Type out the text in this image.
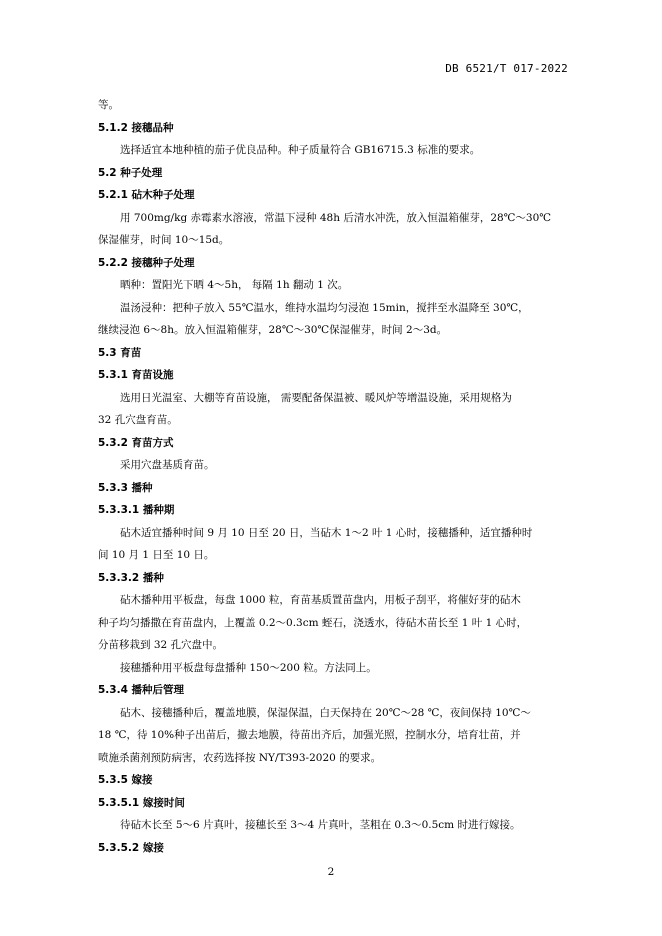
DB 6521/T 017-2022
等。
5.1.2 接穗品种
选择适宜本地种植的茄子优良品种。种子质量符合 GB16715.3 标准的要求。
5.2 种子处理
5.2.1 砧木种子处理
用 700mg/kg 赤霉素水溶液，常温下浸种 48h 后清水冲洗，放入恒温箱催芽，28℃～30℃
保湿催芽，时间 10～15d。
5.2.2 接穗种子处理
晒种：置阳光下晒 4～5h， 每隔 1h 翻动 1 次。
温汤浸种：把种子放入 55℃温水，维持水温均匀浸泡 15min，搅拌至水温降至 30℃，
继续浸泡 6～8h。放入恒温箱催芽，28℃～30℃保湿催芽，时间 2～3d。
5.3 育苗
5.3.1 育苗设施
选用日光温室、大棚等育苗设施， 需要配备保温被、暖风炉等增温设施，采用规格为
32 孔穴盘育苗。
5.3.2 育苗方式
采用穴盘基质育苗。
5.3.3 播种
5.3.3.1 播种期
砧木适宜播种时间 9 月 10 日至 20 日，当砧木 1～2 叶 1 心时，接穗播种，适宜播种时
间 10 月 1 日至 10 日。
5.3.3.2 播种
砧木播种用平板盘，每盘 1000 粒，育苗基质置苗盘内，用板子刮平，将催好芽的砧木
种子均匀播撒在育苗盘内，上覆盖 0.2～0.3cm 蛭石，浇透水，待砧木苗长至 1 叶 1 心时，
分苗移栽到 32 孔穴盘中。
接穗播种用平板盘每盘播种 150～200 粒。方法同上。
5.3.4 播种后管理
砧木、接穗播种后，覆盖地膜，保湿保温，白天保持在 20℃～28 ℃，夜间保持 10℃～
18 ℃，待 10%种子出苗后，撤去地膜，待苗出齐后，加强光照，控制水分，培育壮苗，并
喷施杀菌剂预防病害，农药选择按 NY/T393-2020 的要求。
5.3.5 嫁接
5.3.5.1 嫁接时间
待砧木长至 5～6 片真叶，接穗长至 3～4 片真叶，茎粗在 0.3～0.5cm 时进行嫁接。
5.3.5.2 嫁接
2
